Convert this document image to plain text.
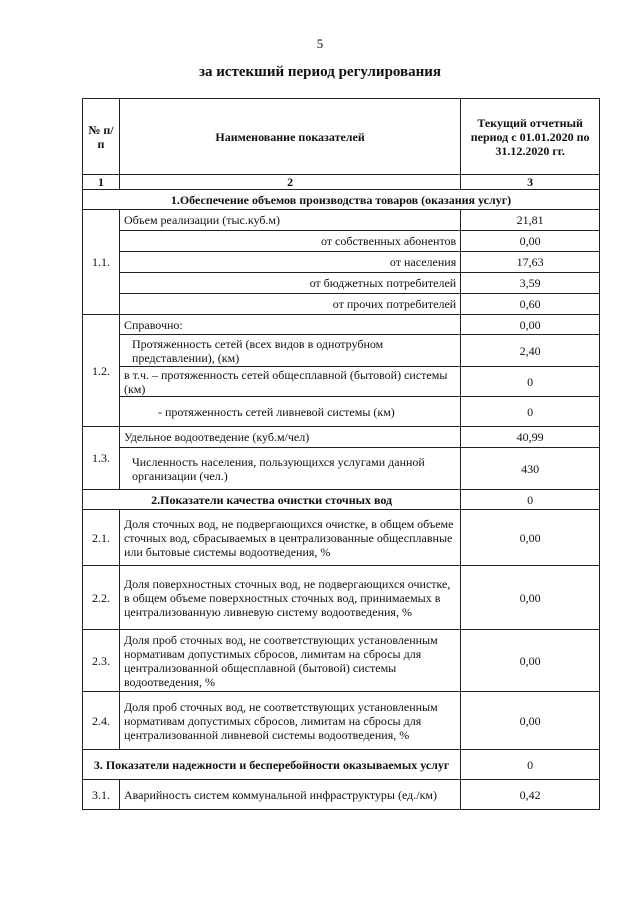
5
за истекший период регулирования
№ п/п	Наименование показателей	Текущий отчетный период с 01.01.2020 по 31.12.2020 гг.
1	2	3
1.Обеспечение объемов производства товаров (оказания услуг)		
1.1.	Объем реализации (тыс.куб.м)	21,81
	от собственных абонентов	0,00
	от населения	17,63
	от бюджетных потребителей	3,59
	от прочих потребителей	0,60
1.2.	Справочно:	0,00
	Протяженность сетей (всех видов в однотрубном представлении), (км)	2,40
	в т.ч. – протяженность сетей общесплавной (бытовой) системы (км)	0
	- протяженность сетей ливневой системы (км)	0
1.3.	Удельное водоотведение (куб.м/чел)	40,99
	Численность населения, пользующихся услугами данной организации (чел.)	430
2.Показатели качества очистки сточных вод		0
2.1.	Доля сточных вод, не подвергающихся очистке, в общем объеме сточных вод, сбрасываемых в централизованные общесплавные или бытовые системы водоотведения, %	0,00
2.2.	Доля поверхностных сточных вод, не подвергающихся очистке, в общем объеме поверхностных сточных вод, принимаемых в централизованную ливневую систему водоотведения, %	0,00
2.3.	Доля проб сточных вод, не соответствующих установленным нормативам допустимых сбросов, лимитам на сбросы для централизованной общесплавной (бытовой) системы водоотведения, %	0,00
2.4.	Доля проб сточных вод, не соответствующих установленным нормативам допустимых сбросов, лимитам на сбросы для централизованной ливневой системы водоотведения, %	0,00
3. Показатели надежности и бесперебойности оказываемых услуг		0
3.1.	Аварийность систем коммунальной инфраструктуры (ед./км)	0,42
